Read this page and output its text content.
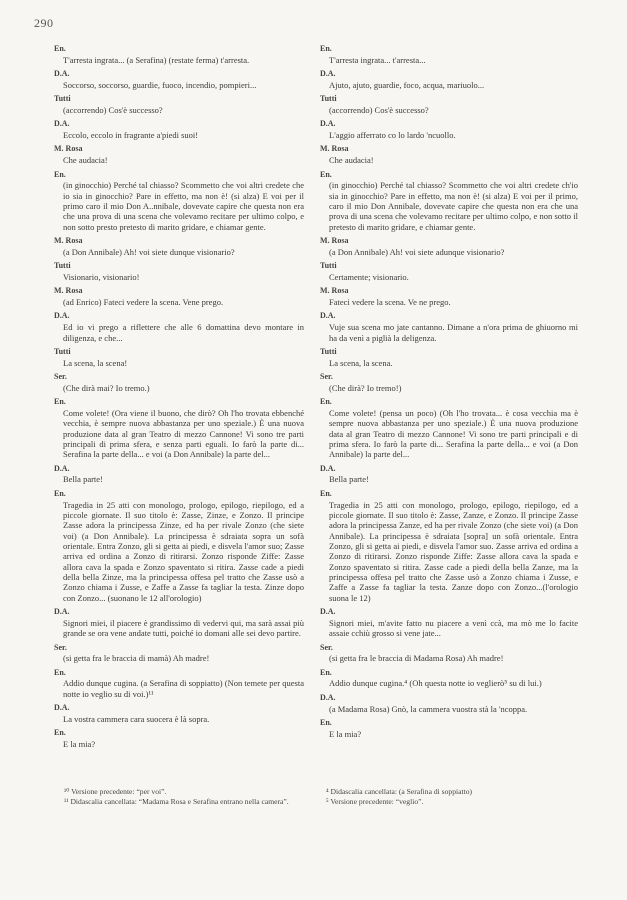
290
En.
T'arresta ingrata... (a Serafina) (restate ferma) t'arresta.
D.A.
Soccorso, soccorso, guardie, fuoco, incendio, pompieri...
Tutti
(accorrendo) Cos'è successo?
D.A.
Eccolo, eccolo in fragrante a'piedi suoi!
M. Rosa
Che audacia!
En.
(in ginocchio) Perché tal chiasso? Scommetto che voi altri credete che io sia in ginocchio? Pare in effetto, ma non è! (si alza) E voi per il primo caro il mio Don A..nnibale, dovevate capire che questa non era che una prova di una scena che volevamo recitare per ultimo colpo, e non sotto presto pretesto di marito gridare, e chiamar gente.
M. Rosa
(a Don Annibale) Ah! voi siete dunque visionario?
Tutti
Visionario, visionario!
M. Rosa
(ad Enrico) Fateci vedere la scena. Vene prego.
D.A.
Ed io vi prego a riflettere che alle 6 domattina devo montare in diligenza, e che...
Tutti
La scena, la scena!
Ser.
(Che dirà mai? Io tremo.)
En.
Come volete! (Ora viene il buono, che dirò? Oh l'ho trovata ebbenché vecchia, è sempre nuova abbastanza per uno speziale.) È una nuova produzione data al gran Teatro di mezzo Cannone! Vi sono tre parti principali di prima sfera, e senza parti eguali. Io farò la parte di... Serafina la parte della... e voi (a Don Annibale) la parte del...
D.A.
Bella parte!
En.
Tragedia in 25 atti con monologo, prologo, epilogo, riepilogo, ed a piccole giornate. Il suo titolo è: Zasse, Zinze, e Zonzo. Il principe Zasse adora la principessa Zinze, ed ha per rivale Zonzo (che siete voi) (a Don Annibale). La principessa è sdraiata sopra un sofà orientale. Entra Zonzo, gli si getta ai piedi, e disvela l'amor suo; Zasse arriva ed ordina a Zonzo di ritirarsi. Zonzo risponde Ziffe: Zasse allora cava la spada e Zonzo spaventato si ritira. Zasse cade a piedi della bella Zinze, ma la principessa offesa pel tratto che Zasse usò a Zonzo chiama i Zusse, e Zaffe a Zasse fa tagliar la testa. Zinze dopo con Zonzo... (suonano le 12 all'orologio)
D.A.
Signori miei, il piacere è grandissimo di vedervi qui, ma sarà assai più grande se ora vene andate tutti, poiché io domani alle sei devo partire.
Ser.
(si getta fra le braccia di mamà) Ah madre!
En.
Addio dunque cugina. (a Serafina di soppiatto) (Non temete per questa notte io veglio su di voi.)¹¹
D.A.
La vostra cammera cara suocera è là sopra.
En.
E la mia?
En.
T'arresta ingrata... t'arresta...
D.A.
Ajuto, ajuto, guardie, foco, acqua, mariuolo...
Tutti
(accorrendo) Cos'è successo?
D.A.
L'aggio afferrato co lo lardo 'ncuollo.
M. Rosa
Che audacia!
En.
(in ginocchio) Perché tal chiasso? Scommetto che voi altri credete ch'io sia in ginocchio? Pare in effetto, ma non è! (si alza) E voi per il primo, caro il mio Don Annibale, dovevate capire che questa non era che una prova di una scena che volevamo recitare per ultimo colpo, e non sotto il pretesto di marito gridare, e chiamar gente.
M. Rosa
(a Don Annibale) Ah! voi siete adunque visionario?
Tutti
Certamente; visionario.
M. Rosa
Fateci vedere la scena. Ve ne prego.
D.A.
Vuje sua scena mo jate cantanno. Dimane a n'ora prima de ghiuorno mi ha da venì a piglià la deligenza.
Tutti
La scena, la scena.
Ser.
(Che dirà? Io tremo!)
En.
Come volete! (pensa un poco) (Oh l'ho trovata... è cosa vecchia ma è sempre nuova abbastanza per uno speziale.) È una nuova produzione data al gran Teatro di mezzo Cannone! Vi sono tre parti principali e di prima sfera. Io farò la parte di... Serafina la parte della... e voi (a Don Annibale) la parte del...
D.A.
Bella parte!
En.
Tragedia in 25 atti con monologo, prologo, epilogo, riepilogo, ed a piccole giornate. Il suo titolo è: Zasse, Zanze, e Zonzo. Il principe Zasse adora la principessa Zanze, ed ha per rivale Zonzo (che siete voi) (a Don Annibale). La principessa è sdraiata [sopra] un sofà orientale. Entra Zonzo, gli si getta ai piedi, e disvela l'amor suo. Zasse arriva ed ordina a Zonzo di ritirarsi. Zonzo risponde Ziffe: Zasse allora cava la spada e Zonzo spaventato si ritira. Zasse cade a piedi della bella Zanze, ma la principessa offesa pel tratto che Zasse usò a Zonzo chiama i Zusse, e Zaffe a Zasse fa tagliar la testa. Zanze dopo con Zonzo...(l'orologio suona le 12)
D.A.
Signori miei, m'avite fatto nu piacere a venì ccà, ma mò me lo facite assaie cchiù grosso si vene jate...
Ser.
(si getta fra le braccia di Madama Rosa) Ah madre!
En.
Addio dunque cugina.⁴ (Oh questa notte io veglierò⁵ su di lui.)
D.A.
(a Madama Rosa) Gnò, la cammera vuostra stà la 'ncoppa.
En.
E la mia?
¹⁰ Versione precedente: “per voi”.
¹¹ Didascalia cancellata: “Madama Rosa e Serafina entrano nella camera”.
⁴ Didascalia cancellata: (a Serafina di soppiatto)
⁵ Versione precedente: “veglio”.
